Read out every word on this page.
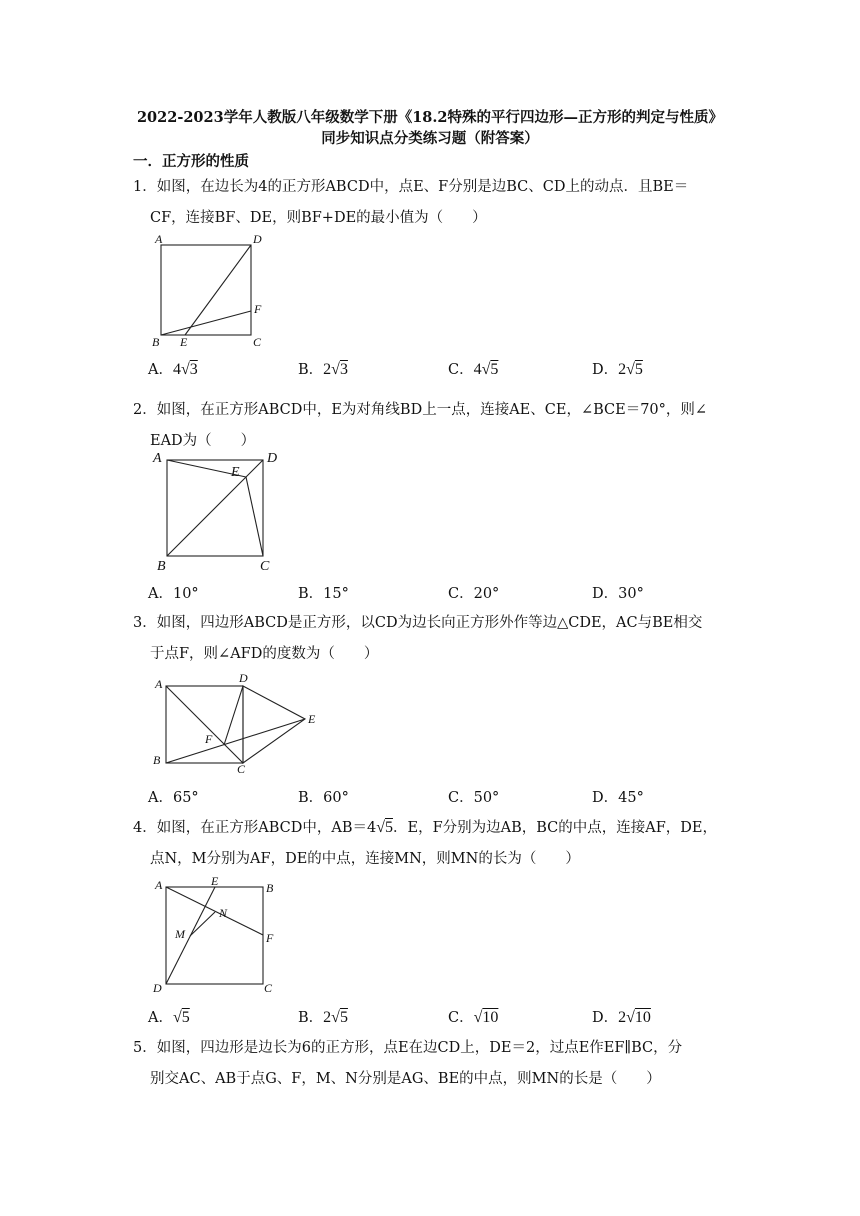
2022-2023学年人教版八年级数学下册《18.2特殊的平行四边形—正方形的判定与性质》
同步知识点分类练习题（附答案）
一．正方形的性质
1．如图，在边长为4的正方形ABCD中，点E、F分别是边BC、CD上的动点．且BE＝
CF，连接BF、DE，则BF+DE的最小值为（　　）
A	D
B E	C
F
A．4√3	B．2√3	C．4√5	D．2√5
2．如图，在正方形ABCD中，E为对角线BD上一点，连接AE、CE，∠BCE＝70°，则∠
EAD为（　　）
A	D
E
B	C
A．10°	B．15°	C．20°	D．30°
3．如图，四边形ABCD是正方形，以CD为边长向正方形外作等边△CDE，AC与BE相交
于点F，则∠AFD的度数为（　　）
A	D
E
F
B
C
A．65°	B．60°	C．50°	D．45°
4．如图，在正方形ABCD中，AB＝4√5．E，F分别为边AB，BC的中点，连接AF，DE，
点N，M分别为AF，DE的中点，连接MN，则MN的长为（　　）
A	E	B
N
M	F
D	C
A．√5	B．2√5	C．√10	D．2√10
5．如图，四边形是边长为6的正方形，点E在边CD上，DE＝2，过点E作EF∥BC，分
别交AC、AB于点G、F，M、N分别是AG、BE的中点，则MN的长是（　　）
